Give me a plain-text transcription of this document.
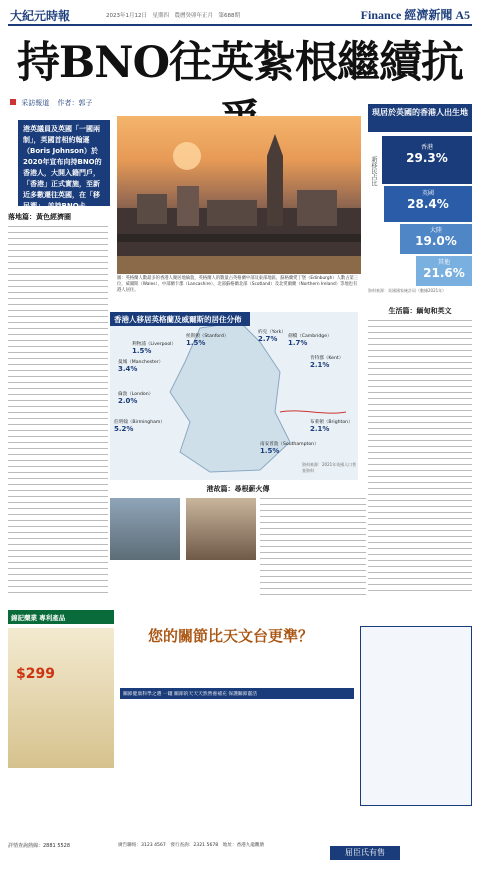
大紀元時報	2023年1月12日　星期四　農曆癸卯年正月　第688期	Finance 經濟新聞 A5
持BNO往英紮根繼續抗
采訪報道 作者：郭子
港英議員及英國「一國兩制」，英國首相約翰遜（Boris Johnson）於2020年宣布向持BNO的香港人，大開入籍門戶，「香港」正式實施，至新近多數遷往英國，在「移民潮」，並持BNO卡。
落地篇：黃色經濟圈
圖：英格蘭人數最多的香港人聚居地倫敦，英格蘭人的數量占英格蘭中部及東部地區，蘇格蘭愛丁堡（Edinburgh）人數占第三位，威爾斯（Wales）、中部蘭卡郡（Lancashire）、北部蘇格蘭北部（Scotland）及北愛爾蘭（Northern Ireland）等地也有港人居住。
現居於英國的香港人出生地
新移民占比
香港
29.3%
英國
28.4%
大陸
19.0%
其他
21.6%
資料來源：英國國家統計局（數據2021年）
生活篇：緬甸和英文
香港人移居英格蘭及威爾斯的居住分佈
曼城（Manchester）
3.4%
利物浦（Liverpool）
1.5%
侯斯頓（Stanford）
1.5%
伯明翰（Birmingham）
5.2%
約克（York）
2.7%	劍橋（Cambridge）
1.7%
肯特郡（Kent）
2.1%
倫敦（London）
2.0%
南安普敦（Southampton）
1.5%
布萊頓（Brighton）
2.1%
資料來源：2021年英國人口普查資料
港故篇：尋根薪火傳
錦記藥業 專利產品
$299
您的關節比天文台更準？
關節健康科學之選 一罐 關節的天天天然營養補充 保護關節靈活
詳情查詢熱線：2881 5528
屈臣氏有售
廣告聯絡：3123 4567　發行查詢：2321 5678　地址：香港九龍觀塘
